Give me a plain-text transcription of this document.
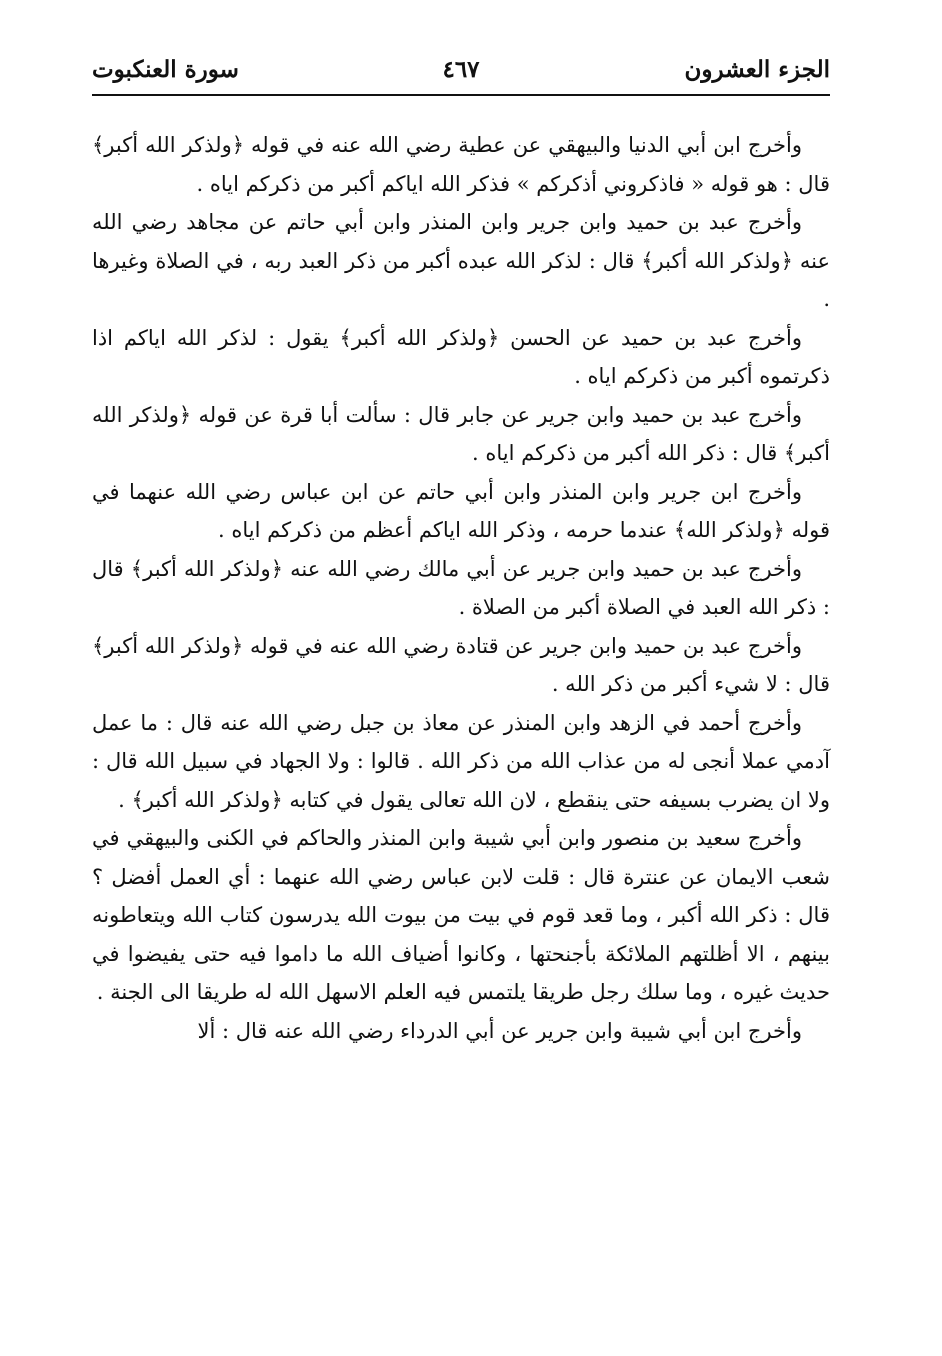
الجزء العشرون
٤٦٧
سورة العنكبوت

وأخرج ابن أبي الدنيا والبيهقي عن عطية رضي الله عنه في قوله ﴿ولذكر الله أكبر﴾ قال : هو قوله « فاذكروني أذكركم » فذكر الله اياكم أكبر من ذكركم اياه .

وأخرج عبد بن حميد وابن جرير وابن المنذر وابن أبي حاتم عن مجاهد رضي الله عنه ﴿ولذكر الله أكبر﴾ قال : لذكر الله عبده أكبر من ذكر العبد ربه ، في الصلاة وغيرها .

وأخرج عبد بن حميد عن الحسن ﴿ولذكر الله أكبر﴾ يقول : لذكر الله اياكم اذا ذكرتموه أكبر من ذكركم اياه .

وأخرج عبد بن حميد وابن جرير عن جابر قال : سألت أبا قرة عن قوله ﴿ولذكر الله أكبر﴾ قال : ذكر الله أكبر من ذكركم اياه .

وأخرج ابن جرير وابن المنذر وابن أبي حاتم عن ابن عباس رضي الله عنهما في قوله ﴿ولذكر الله﴾ عندما حرمه ، وذكر الله اياكم أعظم من ذكركم اياه .

وأخرج عبد بن حميد وابن جرير عن أبي مالك رضي الله عنه ﴿ولذكر الله أكبر﴾ قال : ذكر الله العبد في الصلاة أكبر من الصلاة .

وأخرج عبد بن حميد وابن جرير عن قتادة رضي الله عنه في قوله ﴿ولذكر الله أكبر﴾ قال : لا شيء أكبر من ذكر الله .

وأخرج أحمد في الزهد وابن المنذر عن معاذ بن جبل رضي الله عنه قال : ما عمل آدمي عملا أنجى له من عذاب الله من ذكر الله . قالوا : ولا الجهاد في سبيل الله قال : ولا ان يضرب بسيفه حتى ينقطع ، لان الله تعالى يقول في كتابه ﴿ولذكر الله أكبر﴾ .

وأخرج سعيد بن منصور وابن أبي شيبة وابن المنذر والحاكم في الكنى والبيهقي في شعب الايمان عن عنترة قال : قلت لابن عباس رضي الله عنهما : أي العمل أفضل ؟ قال : ذكر الله أكبر ، وما قعد قوم في بيت من بيوت الله يدرسون كتاب الله ويتعاطونه بينهم ، الا أظلتهم الملائكة بأجنحتها ، وكانوا أضياف الله ما داموا فيه حتى يفيضوا في حديث غيره ، وما سلك رجل طريقا يلتمس فيه العلم الاسهل الله له طريقا الى الجنة .

وأخرج ابن أبي شيبة وابن جرير عن أبي الدرداء رضي الله عنه قال : ألا
